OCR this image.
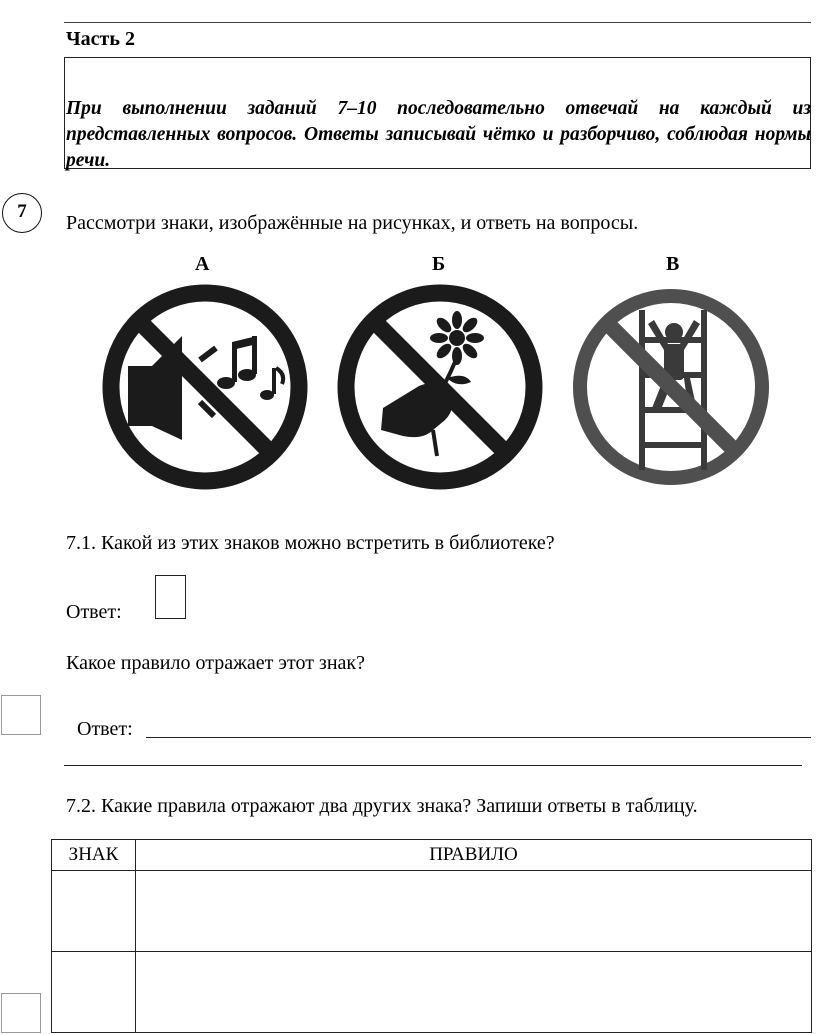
Часть 2
При выполнении заданий 7–10 последовательно отвечай на каждый из представленных вопросов. Ответы записывай чётко и разборчиво, соблюдая нормы речи.
7
Рассмотри знаки, изображённые на рисунках, и ответь на вопросы.
А	Б	В
7.1. Какой из этих знаков можно встретить в библиотеке?
Ответ:
Какое правило отражает этот знак?
Ответ:
7.2. Какие правила отражают два других знака? Запиши ответы в таблицу.
ЗНАК	ПРАВИЛО
